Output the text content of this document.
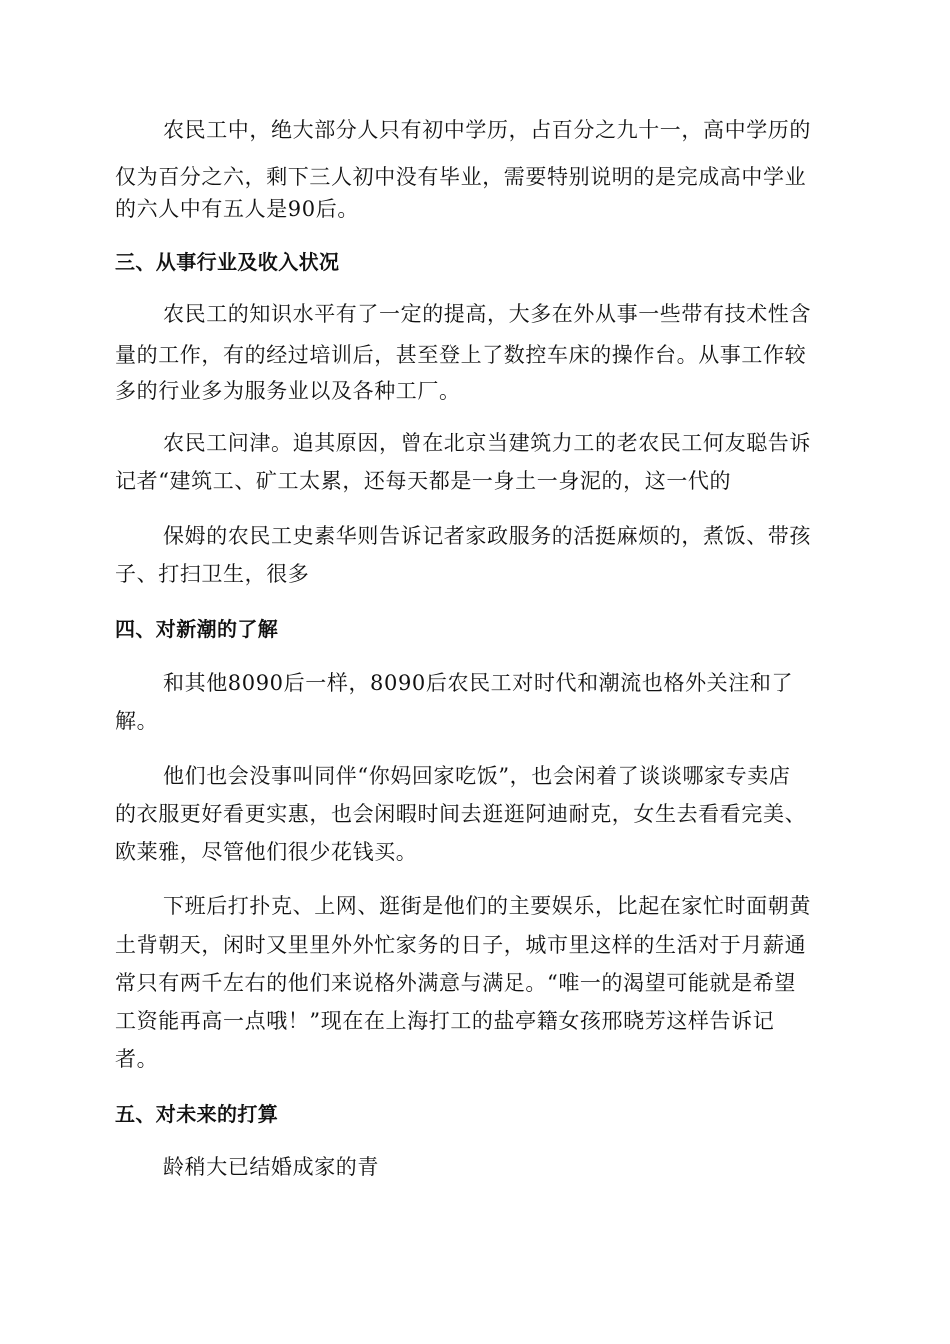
农民工中，绝大部分人只有初中学历，占百分之九十一，高中学历的
仅为百分之六，剩下三人初中没有毕业，需要特别说明的是完成高中学业
的六人中有五人是90后。
三、从事行业及收入状况
农民工的知识水平有了一定的提高，大多在外从事一些带有技术性含
量的工作，有的经过培训后，甚至登上了数控车床的操作台。从事工作较
多的行业多为服务业以及各种工厂。
农民工问津。追其原因，曾在北京当建筑力工的老农民工何友聪告诉
记者“建筑工、矿工太累，还每天都是一身土一身泥的，这一代的
保姆的农民工史素华则告诉记者家政服务的活挺麻烦的，煮饭、带孩
子、打扫卫生，很多
四、对新潮的了解
和其他8090后一样，8090后农民工对时代和潮流也格外关注和了
解。
他们也会没事叫同伴“你妈回家吃饭”，也会闲着了谈谈哪家专卖店
的衣服更好看更实惠，也会闲暇时间去逛逛阿迪耐克，女生去看看完美、
欧莱雅，尽管他们很少花钱买。
下班后打扑克、上网、逛街是他们的主要娱乐，比起在家忙时面朝黄
土背朝天，闲时又里里外外忙家务的日子，城市里这样的生活对于月薪通
常只有两千左右的他们来说格外满意与满足。“唯一的渴望可能就是希望
工资能再高一点哦！”现在在上海打工的盐亭籍女孩邢晓芳这样告诉记
者。
五、对未来的打算
龄稍大已结婚成家的青
